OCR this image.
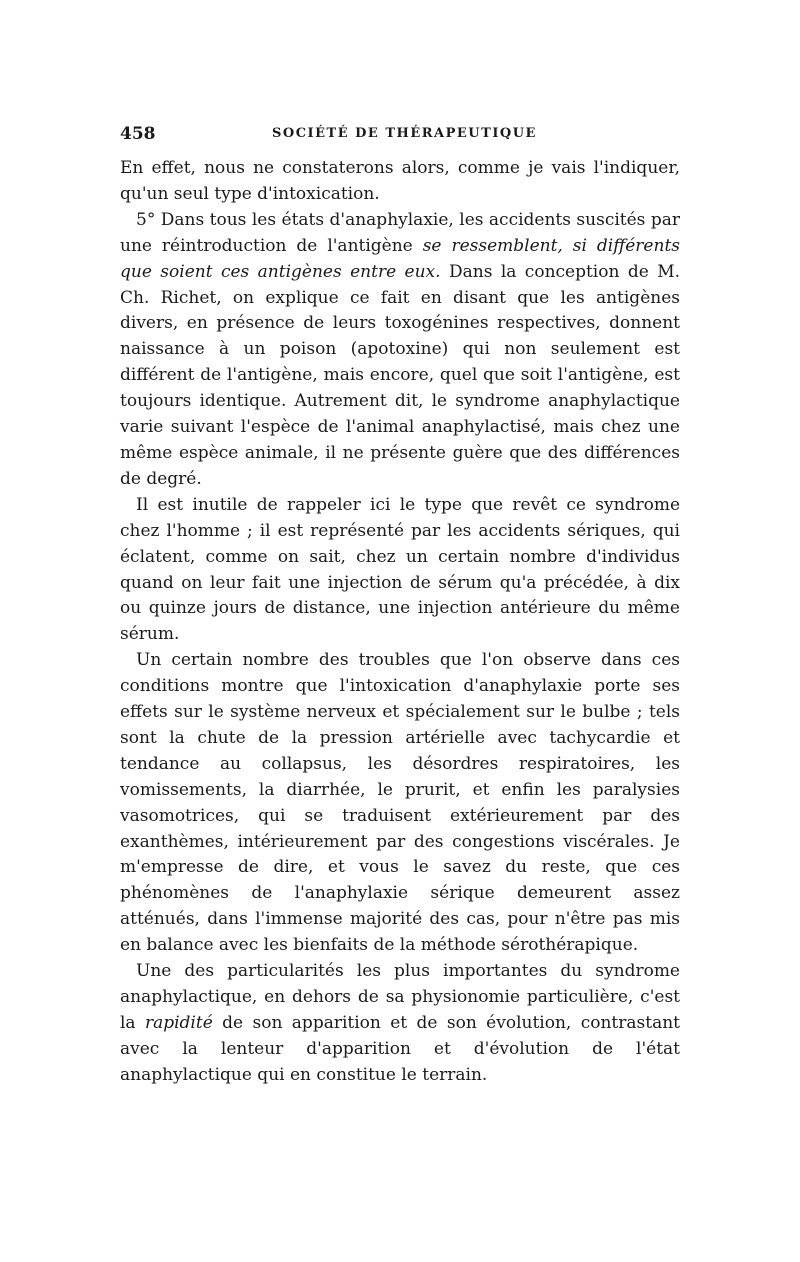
458	SOCIÉTÉ DE THÉRAPEUTIQUE

En effet, nous ne constaterons alors, comme je vais l'indiquer, qu'un seul type d'intoxication.

5° Dans tous les états d'anaphylaxie, les accidents suscités par une réintroduction de l'antigène se ressemblent, si différents que soient ces antigènes entre eux. Dans la conception de M. Ch. Richet, on explique ce fait en disant que les antigènes divers, en présence de leurs toxogénines respectives, donnent naissance à un poison (apotoxine) qui non seulement est différent de l'antigène, mais encore, quel que soit l'antigène, est toujours identique. Autrement dit, le syndrome anaphylactique varie suivant l'espèce de l'animal anaphylactisé, mais chez une même espèce animale, il ne présente guère que des différences de degré.

Il est inutile de rappeler ici le type que revêt ce syndrome chez l'homme ; il est représenté par les accidents sériques, qui éclatent, comme on sait, chez un certain nombre d'individus quand on leur fait une injection de sérum qu'a précédée, à dix ou quinze jours de distance, une injection antérieure du même sérum.

Un certain nombre des troubles que l'on observe dans ces conditions montre que l'intoxication d'anaphylaxie porte ses effets sur le système nerveux et spécialement sur le bulbe ; tels sont la chute de la pression artérielle avec tachycardie et tendance au collapsus, les désordres respiratoires, les vomissements, la diarrhée, le prurit, et enfin les paralysies vasomotrices, qui se traduisent extérieurement par des exanthèmes, intérieurement par des congestions viscérales. Je m'empresse de dire, et vous le savez du reste, que ces phénomènes de l'anaphylaxie sérique demeurent assez atténués, dans l'immense majorité des cas, pour n'être pas mis en balance avec les bienfaits de la méthode sérothérapique.

Une des particularités les plus importantes du syndrome anaphylactique, en dehors de sa physionomie particulière, c'est la rapidité de son apparition et de son évolution, contrastant avec la lenteur d'apparition et d'évolution de l'état anaphylactique qui en constitue le terrain.
